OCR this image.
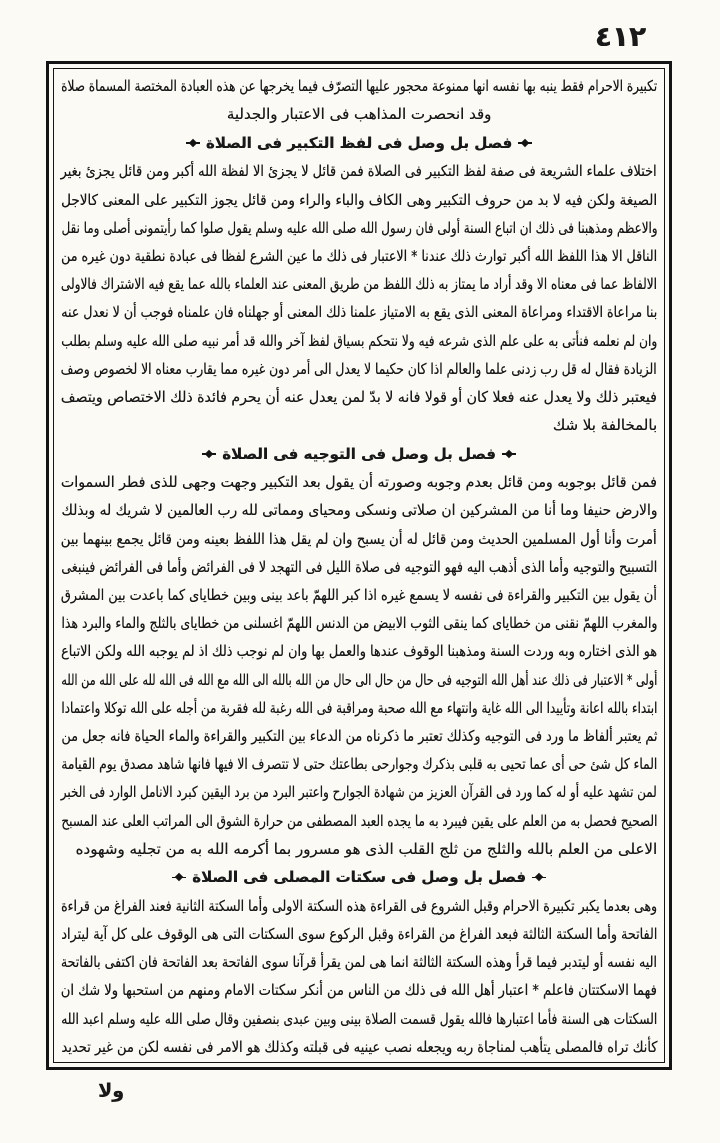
٤١٢

تكبيرة الاحرام فقط ينبه بها نفسه انها ممنوعة محجور عليها التصرّف فيما يخرجها عن هذه العبادة المختصة المسماة صلاة

وقد انحصرت المذاهب فى الاعتبار والجدلية

فصل بل وصل فى لفظ التكبير فى الصلاة

اختلاف علماء الشريعة فى صفة لفظ التكبير فى الصلاة فمن قائل لا يجزئ الا لفظة الله أكبر ومن قائل يجزئ بغير

الصيغة ولكن فيه لا بد من حروف التكبير وهى الكاف والباء والراء ومن قائل يجوز التكبير على المعنى كالاجل

والاعظم ومذهبنا فى ذلك ان اتباع السنة أولى فان رسول الله صلى الله عليه وسلم يقول صلوا كما رأيتمونى أصلى وما نقل

الناقل الا هذا اللفظ الله أكبر توارث ذلك عندنا * الاعتبار فى ذلك ما عين الشرع لفظا فى عبادة نطقية دون غيره من

الالفاظ عما فى معناه الا وقد أراد ما يمتاز به ذلك اللفظ من طريق المعنى عند العلماء بالله عما يقع فيه الاشتراك فالاولى

بنا مراعاة الاقتداء ومراعاة المعنى الذى يقع به الامتياز علمنا ذلك المعنى أو جهلناه فان علمناه فوجب أن لا نعدل عنه

وان لم نعلمه فنأتى به على علم الذى شرعه فيه ولا نتحكم بسياق لفظ آخر والله قد أمر نبيه صلى الله عليه وسلم بطلب

الزيادة فقال له قل رب زدنى علما والعالم اذا كان حكيما لا يعدل الى أمر دون غيره مما يقارب معناه الا لخصوص وصف

فيعتبر ذلك ولا يعدل عنه فعلا كان أو قولا فانه لا بدّ لمن يعدل عنه أن يحرم فائدة ذلك الاختصاص ويتصف

بالمخالفة بلا شك

فصل بل وصل فى التوجيه فى الصلاة

فمن قائل بوجوبه ومن قائل بعدم وجوبه وصورته أن يقول بعد التكبير وجهت وجهى للذى فطر السموات

والارض حنيفا وما أنا من المشركين ان صلاتى ونسكى ومحياى ومماتى لله رب العالمين لا شريك له وبذلك

أمرت وأنا أول المسلمين الحديث ومن قائل له أن يسبح وان لم يقل هذا اللفظ بعينه ومن قائل يجمع بينهما بين

التسبيح والتوجيه وأما الذى أذهب اليه فهو التوجيه فى صلاة الليل فى التهجد لا فى الفرائض وأما فى الفرائض فينبغى

أن يقول بين التكبير والقراءة فى نفسه لا يسمع غيره اذا كبر اللهمّ باعد بينى وبين خطاياى كما باعدت بين المشرق

والمغرب اللهمّ نقنى من خطاياى كما ينقى الثوب الابيض من الدنس اللهمّ اغسلنى من خطاياى بالثلج والماء والبرد هذا

هو الذى اختاره وبه وردت السنة ومذهبنا الوقوف عندها والعمل بها وان لم نوجب ذلك اذ لم يوجبه الله ولكن الاتباع

أولى * الاعتبار فى ذلك عند أهل الله التوجيه فى حال من حال الى حال من الله بالله الى الله مع الله فى الله لله على الله من الله

ابتداء بالله اعانة وتأييدا الى الله غاية وانتهاء مع الله صحبة ومراقبة فى الله رغبة لله فقربة من أجله على الله توكلا واعتمادا

ثم يعتبر ألفاظ ما ورد فى التوجيه وكذلك تعتبر ما ذكرناه من الدعاء بين التكبير والقراءة والماء الحياة فانه جعل من

الماء كل شئ حى أى عما تحيى به قلبى بذكرك وجوارحى بطاعتك حتى لا تتصرف الا فيها فانها شاهد مصدق يوم القيامة

لمن تشهد عليه أو له كما ورد فى القرآن العزيز من شهادة الجوارح واعتبر البرد من برد اليقين كبرد الانامل الوارد فى الخبر

الصحيح فحصل به من العلم على يقين فيبرد به ما يجده العبد المصطفى من حرارة الشوق الى المراتب العلى عند المسبح

الاعلى من العلم بالله والثلج من ثلج القلب الذى هو مسرور بما أكرمه الله به من تجليه وشهوده

فصل بل وصل فى سكتات المصلى فى الصلاة

وهى بعدما يكبر تكبيرة الاحرام وقبل الشروع فى القراءة هذه السكتة الاولى وأما السكتة الثانية فعند الفراغ من قراءة

الفاتحة وأما السكتة الثالثة فبعد الفراغ من القراءة وقبل الركوع سوى السكتات التى هى الوقوف على كل آية ليتراد

اليه نفسه أو ليتدبر فيما قرأ وهذه السكتة الثالثة انما هى لمن يقرأ قرآنا سوى الفاتحة بعد الفاتحة فان اكتفى بالفاتحة

فهما الاسكتتان فاعلم * اعتبار أهل الله فى ذلك من الناس من أنكر سكتات الامام ومنهم من استحبها ولا شك ان

السكتات هى السنة فأما اعتبارها فالله يقول قسمت الصلاة بينى وبين عبدى بنصفين وقال صلى الله عليه وسلم اعبد الله

كأنك تراه فالمصلى يتأهب لمناجاة ربه ويجعله نصب عينيه فى قبلته وكذلك هو الامر فى نفسه لكن من غير تحديد

ولا
